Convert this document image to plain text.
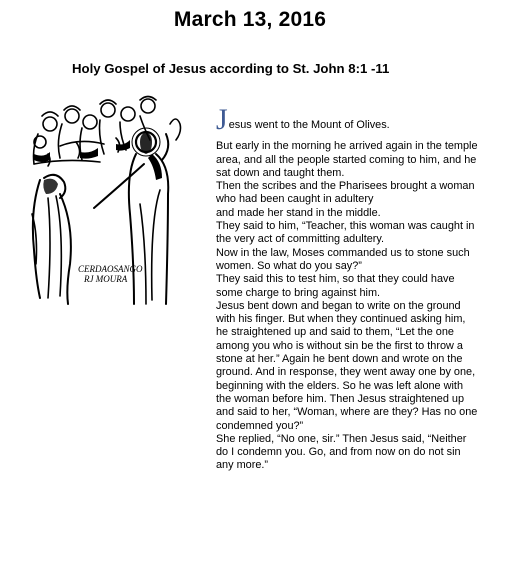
March 13, 2016
Holy Gospel of Jesus according to St. John 8:1 -11
CERDAOSANGO RJ MOURA
Jesus went to the Mount of Olives.
But early in the morning he arrived again in the temple area, and all the people started coming to him, and he sat down and taught them.
Then the scribes and the Pharisees brought a woman who had been caught in adultery
and made her stand in the middle.
They said to him, “Teacher, this woman was caught in the very act of committing adultery.
Now in the law, Moses commanded us to stone such women. So what do you say?”
They said this to test him, so that they could have some charge to bring against him.
Jesus bent down and began to write on the ground with his finger. But when they continued asking him, he straightened up and said to them, “Let the one among you who is without sin be the first to throw a stone at her.” Again he bent down and wrote on the ground. And in response, they went away one by one, beginning with the elders. So he was left alone with the woman before him. Then Jesus straightened up and said to her, “Woman, where are they? Has no one condemned you?”
She replied, “No one, sir.” Then Jesus said, “Neither do I condemn you. Go, and from now on do not sin any more.”
